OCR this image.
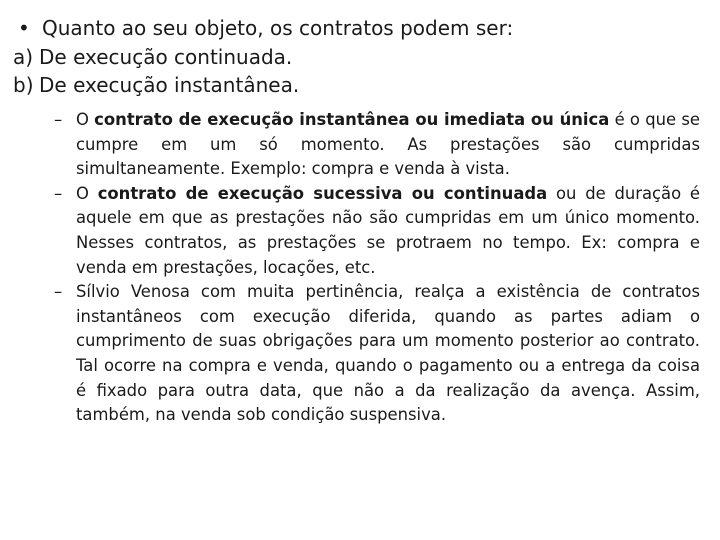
• Quanto ao seu objeto, os contratos podem ser:
a) De execução continuada.
b) De execução instantânea.
– O contrato de execução instantânea ou imediata ou única é o que se cumpre em um só momento. As prestações são cumpridas simultaneamente. Exemplo: compra e venda à vista.
– O contrato de execução sucessiva ou continuada ou de duração é aquele em que as prestações não são cumpridas em um único momento. Nesses contratos, as prestações se protraem no tempo. Ex: compra e venda em prestações, locações, etc.
– Sílvio Venosa com muita pertinência, realça a existência de contratos instantâneos com execução diferida, quando as partes adiam o cumprimento de suas obrigações para um momento posterior ao contrato. Tal ocorre na compra e venda, quando o pagamento ou a entrega da coisa é fixado para outra data, que não a da realização da avença. Assim, também, na venda sob condição suspensiva.
